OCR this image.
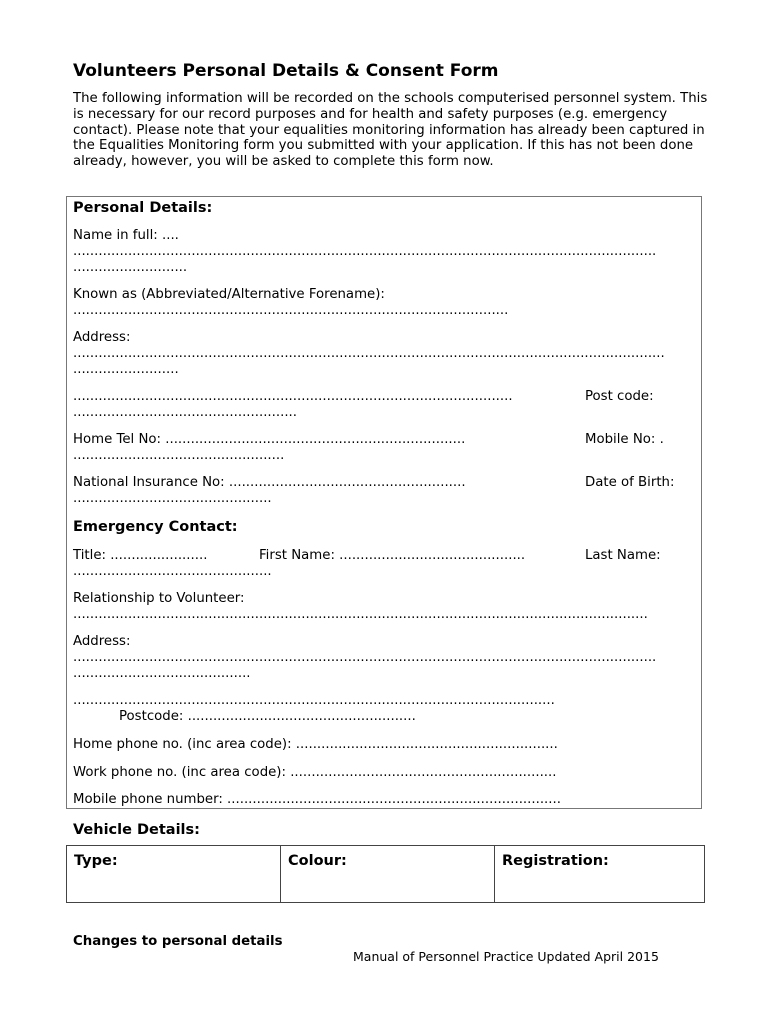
Volunteers Personal Details & Consent Form

The following information will be recorded on the schools computerised personnel system. This is necessary for our record purposes and for health and safety purposes (e.g. emergency contact). Please note that your equalities monitoring information has already been captured in the Equalities Monitoring form you submitted with your application. If this has not been done already, however, you will be asked to complete this form now.

Personal Details:
Name in full: ....
..........................................................................................................................................
...........................
Known as (Abbreviated/Alternative Forename):
.......................................................................................................
Address:
............................................................................................................................................
.........................
........................................................................................................	Post code:
.....................................................
Home Tel No: .......................................................................	Mobile No: .
..................................................
National Insurance No: ........................................................	Date of Birth:
...............................................
Emergency Contact:
Title: .......................	First Name: ............................................	Last Name:
...............................................
Relationship to Volunteer:
........................................................................................................................................
Address:
..........................................................................................................................................
..........................................
..................................................................................................................
Postcode: ......................................................
Home phone no. (inc area code): ..............................................................
Work phone no. (inc area code): ...............................................................
Mobile phone number: ...............................................................................
Vehicle Details:
Type:	Colour:	Registration:
Changes to personal details
Manual of Personnel Practice Updated April 2015
